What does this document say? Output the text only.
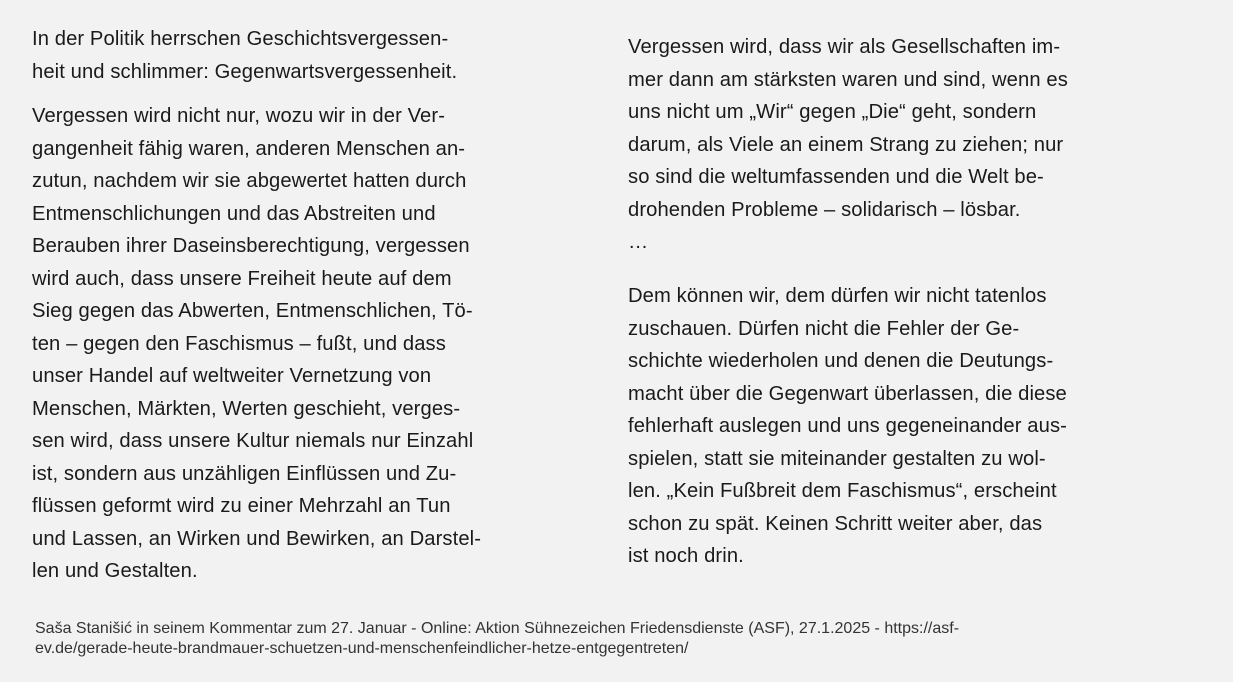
In der Politik herrschen Geschichtsvergessen-
heit und schlimmer: Gegenwartsvergessenheit.
Vergessen wird nicht nur, wozu wir in der Ver-
gangenheit fähig waren, anderen Menschen an-
zutun, nachdem wir sie abgewertet hatten durch
Entmenschlichungen und das Abstreiten und
Berauben ihrer Daseinsberechtigung, vergessen
wird auch, dass unsere Freiheit heute auf dem
Sieg gegen das Abwerten, Entmenschlichen, Tö-
ten – gegen den Faschismus – fußt, und dass
unser Handel auf weltweiter Vernetzung von
Menschen, Märkten, Werten geschieht, verges-
sen wird, dass unsere Kultur niemals nur Einzahl
ist, sondern aus unzähligen Einflüssen und Zu-
flüssen geformt wird zu einer Mehrzahl an Tun
und Lassen, an Wirken und Bewirken, an Darstel-
len und Gestalten.
Vergessen wird, dass wir als Gesellschaften im-
mer dann am stärksten waren und sind, wenn es
uns nicht um „Wir“ gegen „Die“ geht, sondern
darum, als Viele an einem Strang zu ziehen; nur
so sind die weltumfassenden und die Welt be-
drohenden Probleme – solidarisch – lösbar.
…
Dem können wir, dem dürfen wir nicht tatenlos
zuschauen. Dürfen nicht die Fehler der Ge-
schichte wiederholen und denen die Deutungs-
macht über die Gegenwart überlassen, die diese
fehlerhaft auslegen und uns gegeneinander aus-
spielen, statt sie miteinander gestalten zu wol-
len. „Kein Fußbreit dem Faschismus“, erscheint
schon zu spät. Keinen Schritt weiter aber, das
ist noch drin.
Saša Stanišić in seinem Kommentar zum 27. Januar - Online: Aktion Sühnezeichen Friedensdienste (ASF), 27.1.2025 - https://asf-
ev.de/gerade-heute-brandmauer-schuetzen-und-menschenfeindlicher-hetze-entgegentreten/
